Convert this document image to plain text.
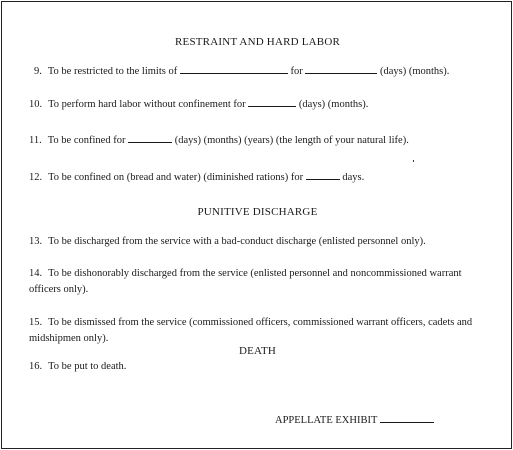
RESTRAINT AND HARD LABOR
9. To be restricted to the limits of	for	(days) (months).
10. To perform hard labor without confinement for	(days) (months).
11. To be confined for	(days) (months) (years) (the length of your natural life).
12. To be confined on (bread and water) (diminished rations) for	days.
PUNITIVE DISCHARGE
13. To be discharged from the service with a bad-conduct discharge (enlisted personnel only).
14. To be dishonorably discharged from the service (enlisted personnel and noncommissioned warrant officers only).
15. To be dismissed from the service (commissioned officers, commissioned warrant officers, cadets and midshipmen only).
DEATH
16. To be put to death.
APPELLATE EXHIBIT
